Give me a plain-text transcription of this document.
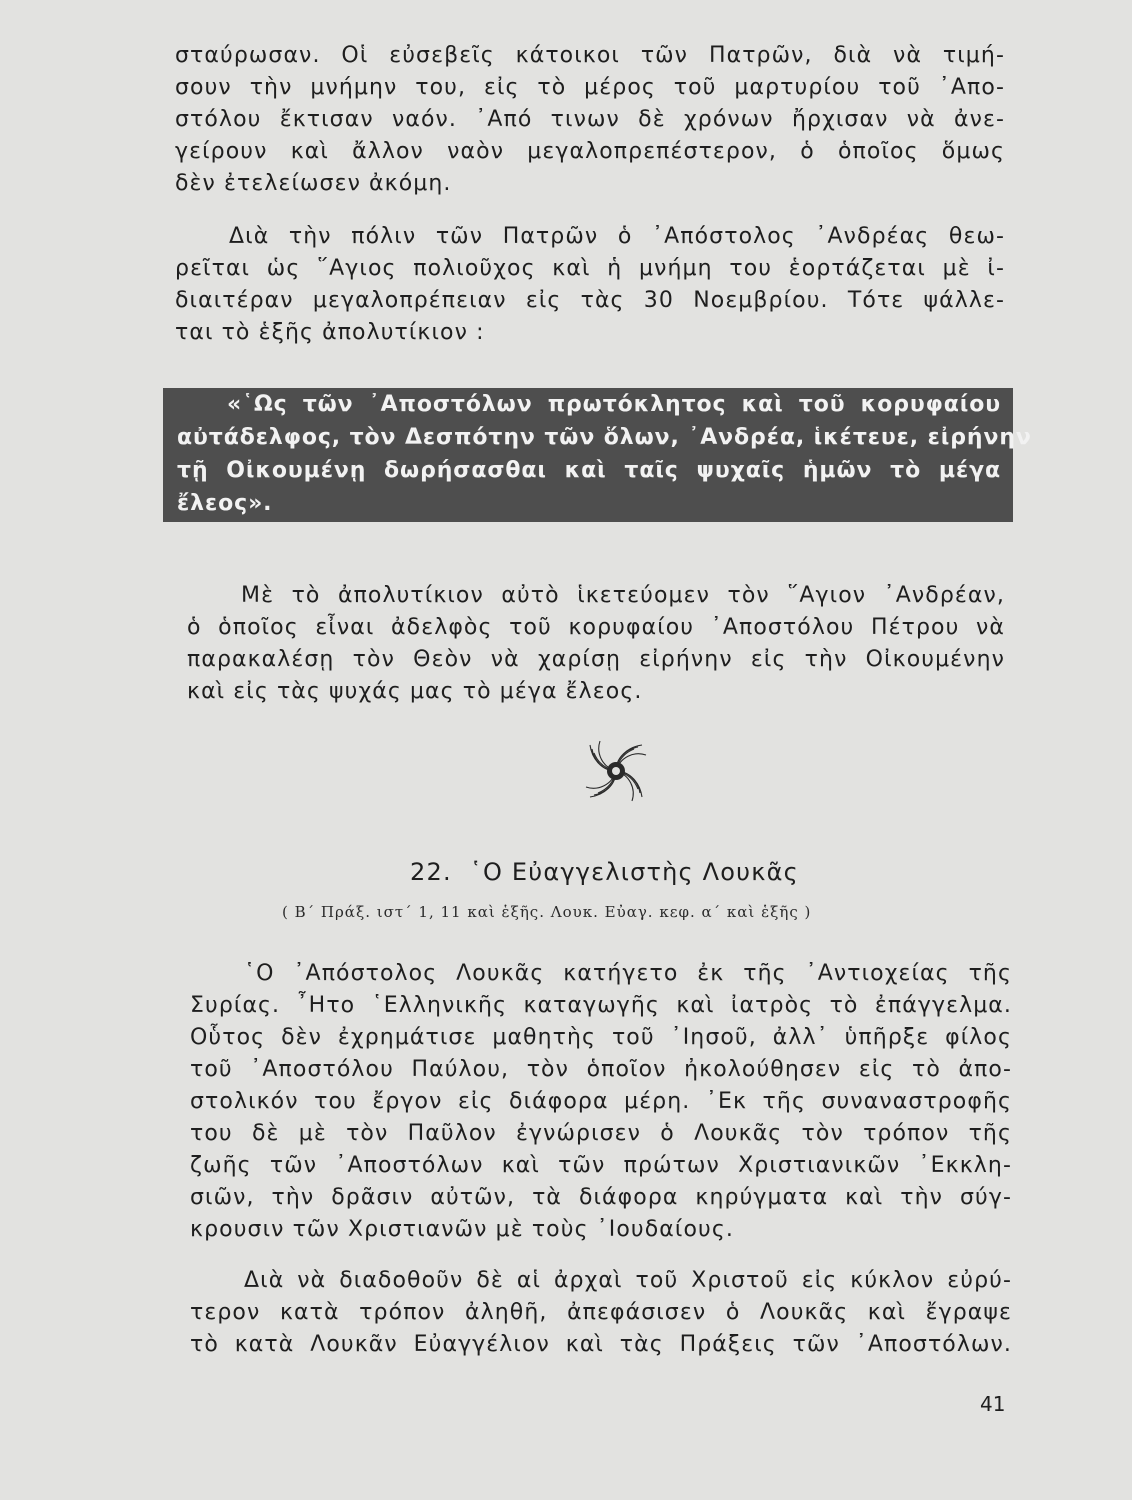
σταύρωσαν. Οἱ εὐσεβεῖς κάτοικοι τῶν Πατρῶν, διὰ νὰ τιμή-
σουν τὴν μνήμην του, εἰς τὸ μέρος τοῦ μαρτυρίου τοῦ ᾿Απο-
στόλου ἔκτισαν ναόν. ᾿Από τινων δὲ χρόνων ἤρχισαν νὰ ἀνε-
γείρουν καὶ ἄλλον ναὸν μεγαλοπρεπέστερον, ὁ ὁποῖος ὅμως
δὲν ἐτελείωσεν ἀκόμη.
Διὰ τὴν πόλιν τῶν Πατρῶν ὁ ᾿Απόστολος ᾿Ανδρέας θεω-
ρεῖται ὡς ῞Αγιος πολιοῦχος καὶ ἡ μνήμη του ἑορτάζεται μὲ ἰ-
διαιτέραν μεγαλοπρέπειαν εἰς τὰς 30 Νοεμβρίου. Τότε ψάλλε-
ται τὸ ἑξῆς ἀπολυτίκιον :
«῾Ως τῶν ᾿Αποστόλων πρωτόκλητος καὶ τοῦ κορυφαίου
αὐτάδελφος, τὸν Δεσπότην τῶν ὅλων, ᾿Ανδρέα, ἱκέτευε, εἰρήνην
τῇ Οἰκουμένῃ δωρήσασθαι καὶ ταῖς ψυχαῖς ἡμῶν τὸ μέγα
ἔλεος».
Μὲ τὸ ἀπολυτίκιον αὐτὸ ἱκετεύομεν τὸν ῞Αγιον ᾿Ανδρέαν,
ὁ ὁποῖος εἶναι ἀδελφὸς τοῦ κορυφαίου ᾿Αποστόλου Πέτρου νὰ
παρακαλέσῃ τὸν Θεὸν νὰ χαρίσῃ εἰρήνην εἰς τὴν Οἰκουμένην
καὶ εἰς τὰς ψυχάς μας τὸ μέγα ἔλεος.
22. ῾Ο Εὐαγγελιστὴς Λουκᾶς
( Β΄ Πράξ. ιστ΄ 1, 11 καὶ ἑξῆς. Λουκ. Εὐαγ. κεφ. α΄ καὶ ἑξῆς )
῾Ο ᾿Απόστολος Λουκᾶς κατήγετο ἐκ τῆς ᾿Αντιοχείας τῆς
Συρίας. ῏Ητο ῾Ελληνικῆς καταγωγῆς καὶ ἰατρὸς τὸ ἐπάγγελμα.
Οὗτος δὲν ἐχρημάτισε μαθητὴς τοῦ ᾿Ιησοῦ, ἀλλ᾿ ὑπῆρξε φίλος
τοῦ ᾿Αποστόλου Παύλου, τὸν ὁποῖον ἠκολούθησεν εἰς τὸ ἀπο-
στολικόν του ἔργον εἰς διάφορα μέρη. ᾿Εκ τῆς συναναστροφῆς
του δὲ μὲ τὸν Παῦλον ἐγνώρισεν ὁ Λουκᾶς τὸν τρόπον τῆς
ζωῆς τῶν ᾿Αποστόλων καὶ τῶν πρώτων Χριστιανικῶν ᾿Εκκλη-
σιῶν, τὴν δρᾶσιν αὐτῶν, τὰ διάφορα κηρύγματα καὶ τὴν σύγ-
κρουσιν τῶν Χριστιανῶν μὲ τοὺς ᾿Ιουδαίους.
Διὰ νὰ διαδοθοῦν δὲ αἱ ἀρχαὶ τοῦ Χριστοῦ εἰς κύκλον εὐρύ-
τερον κατὰ τρόπον ἀληθῆ, ἀπεφάσισεν ὁ Λουκᾶς καὶ ἔγραψε
τὸ κατὰ Λουκᾶν Εὐαγγέλιον καὶ τὰς Πράξεις τῶν ᾿Αποστόλων.
41
